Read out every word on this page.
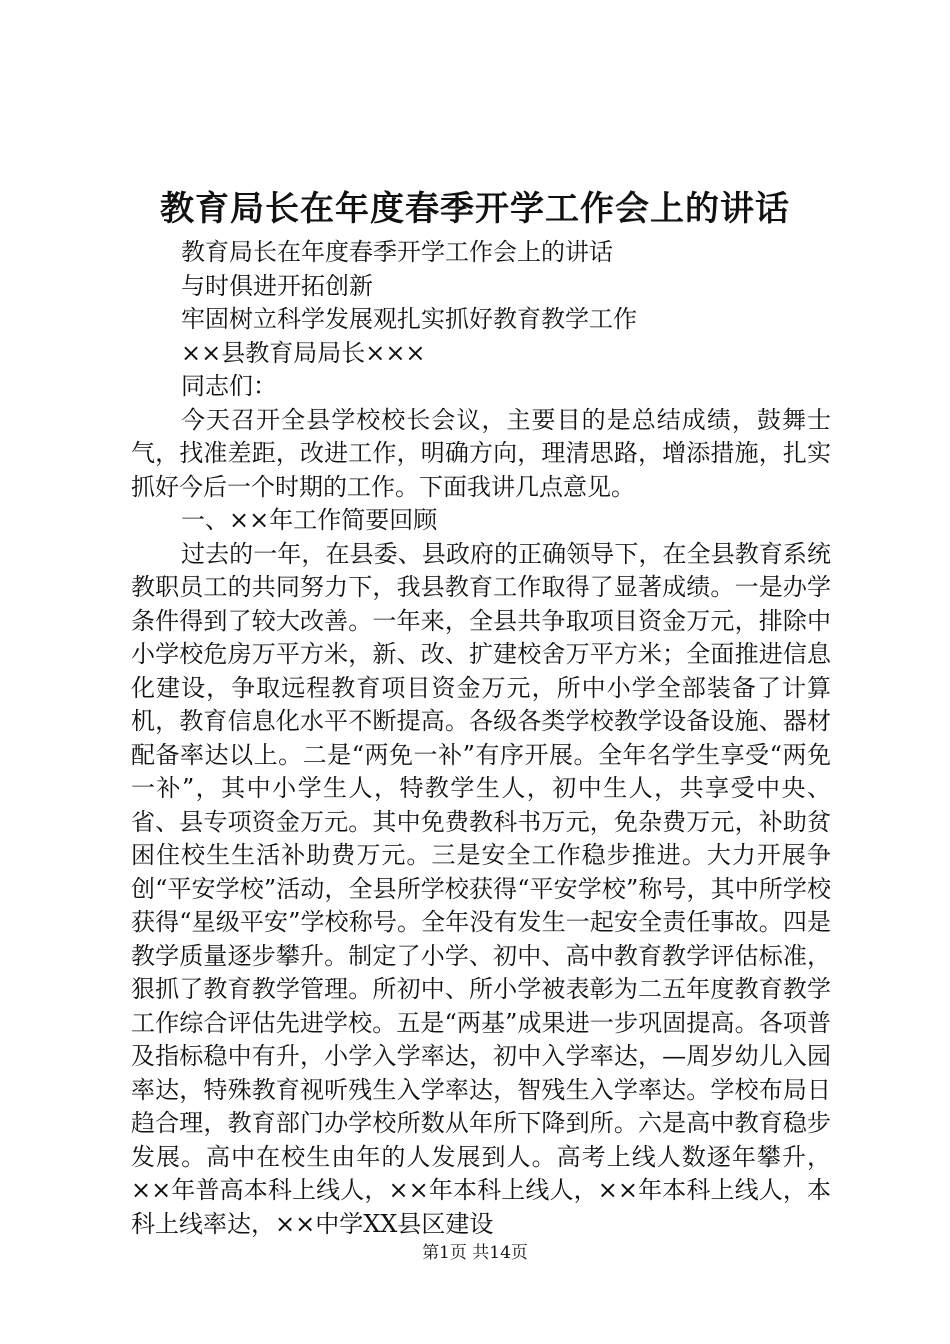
教育局长在年度春季开学工作会上的讲话

教育局长在年度春季开学工作会上的讲话

与时俱进开拓创新

牢固树立科学发展观扎实抓好教育教学工作

××县教育局局长×××

同志们：

今天召开全县学校校长会议，主要目的是总结成绩，鼓舞士气，找准差距，改进工作，明确方向，理清思路，增添措施，扎实抓好今后一个时期的工作。下面我讲几点意见。

一、××年工作简要回顾

过去的一年，在县委、县政府的正确领导下，在全县教育系统教职员工的共同努力下，我县教育工作取得了显著成绩。一是办学条件得到了较大改善。一年来，全县共争取项目资金万元，排除中小学校危房万平方米，新、改、扩建校舍万平方米；全面推进信息化建设，争取远程教育项目资金万元，所中小学全部装备了计算机，教育信息化水平不断提高。各级各类学校教学设备设施、器材配备率达以上。二是“两免一补”有序开展。全年名学生享受“两免一补”，其中小学生人，特教学生人，初中生人，共享受中央、省、县专项资金万元。其中免费教科书万元，免杂费万元，补助贫困住校生生活补助费万元。三是安全工作稳步推进。大力开展争创“平安学校”活动，全县所学校获得“平安学校”称号，其中所学校获得“星级平安”学校称号。全年没有发生一起安全责任事故。四是教学质量逐步攀升。制定了小学、初中、高中教育教学评估标准，狠抓了教育教学管理。所初中、所小学被表彰为二五年度教育教学工作综合评估先进学校。五是“两基”成果进一步巩固提高。各项普及指标稳中有升，小学入学率达，初中入学率达，—周岁幼儿入园率达，特殊教育视听残生入学率达，智残生入学率达。学校布局日趋合理，教育部门办学校所数从年所下降到所。六是高中教育稳步发展。高中在校生由年的人发展到人。高考上线人数逐年攀升，××年普高本科上线人，××年本科上线人，××年本科上线人，本科上线率达，××中学XX县区建设

第1页 共14页
